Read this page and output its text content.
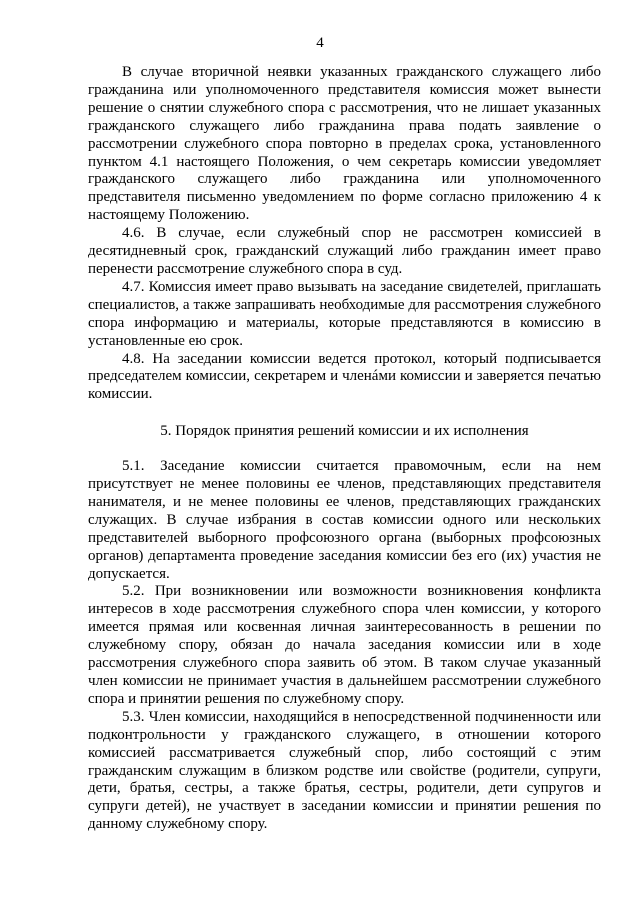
4

В случае вторичной неявки указанных гражданского служащего либо гражданина или уполномоченного представителя комиссия может вынести решение о снятии служебного спора с рассмотрения, что не лишает указанных гражданского служащего либо гражданина права подать заявление о рассмотрении служебного спора повторно в пределах срока, установленного пунктом 4.1 настоящего Положения, о чем секретарь комиссии уведомляет гражданского служащего либо гражданина или уполномоченного представителя письменно уведомлением по форме согласно приложению 4 к настоящему Положению.

4.6. В случае, если служебный спор не рассмотрен комиссией в десятидневный срок, гражданский служащий либо гражданин имеет право перенести рассмотрение служебного спора в суд.

4.7. Комиссия имеет право вызывать на заседание свидетелей, приглашать специалистов, а также запрашивать необходимые для рассмотрения служебного спора информацию и материалы, которые представляются в комиссию в установленные ею срок.

4.8. На заседании комиссии ведется протокол, который подписывается председателем комиссии, секретарем и членáми комиссии и заверяется печатью комиссии.

5. Порядок принятия решений комиссии и их исполнения

5.1. Заседание комиссии считается правомочным, если на нем присутствует не менее половины ее членов, представляющих представителя нанимателя, и не менее половины ее членов, представляющих гражданских служащих. В случае избрания в состав комиссии одного или нескольких представителей выборного профсоюзного органа (выборных профсоюзных органов) департамента проведение заседания комиссии без его (их) участия не допускается.

5.2. При возникновении или возможности возникновения конфликта интересов в ходе рассмотрения служебного спора член комиссии, у которого имеется прямая или косвенная личная заинтересованность в решении по служебному спору, обязан до начала заседания комиссии или в ходе рассмотрения служебного спора заявить об этом. В таком случае указанный член комиссии не принимает участия в дальнейшем рассмотрении служебного спора и принятии решения по служебному спору.

5.3. Член комиссии, находящийся в непосредственной подчиненности или подконтрольности у гражданского служащего, в отношении которого комиссией рассматривается служебный спор, либо состоящий с этим гражданским служащим в близком родстве или свойстве (родители, супруги, дети, братья, сестры, а также братья, сестры, родители, дети супругов и супруги детей), не участвует в заседании комиссии и принятии решения по данному служебному спору.
